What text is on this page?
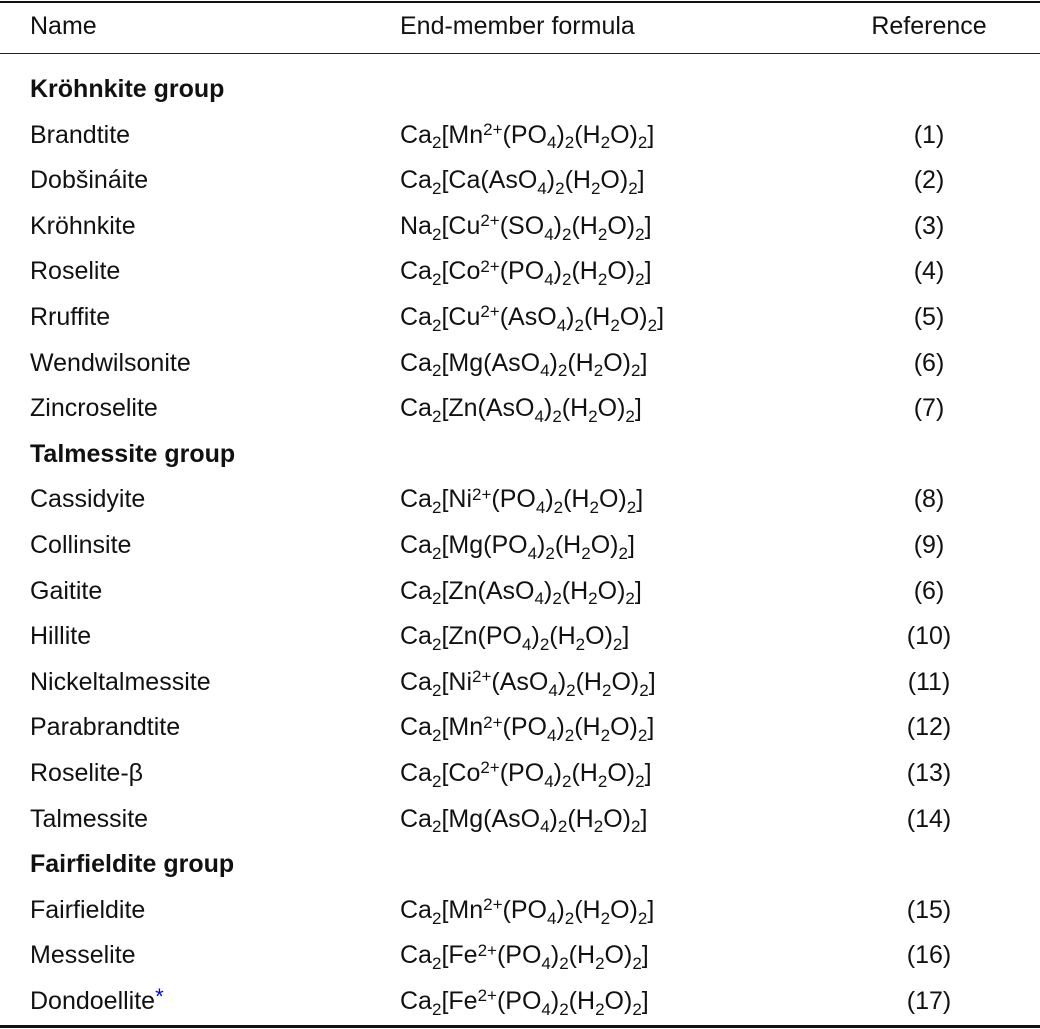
Name	End-member formula	Reference
Kröhnkite group
Brandtite	$Ca_2[Mn^{2+}(PO_4)_2(H_2O)_2]$	(1)
Dobšináite	$Ca_2[Ca(AsO_4)_2(H_2O)_2]$	(2)
Kröhnkite	$Na_2[Cu^{2+}(SO_4)_2(H_2O)_2]$	(3)
Roselite	$Ca_2[Co^{2+}(PO_4)_2(H_2O)_2]$	(4)
Rruffite	$Ca_2[Cu^{2+}(AsO_4)_2(H_2O)_2]$	(5)
Wendwilsonite	$Ca_2[Mg(AsO_4)_2(H_2O)_2]$	(6)
Zincroselite	$Ca_2[Zn(AsO_4)_2(H_2O)_2]$	(7)
Talmessite group
Cassidyite	$Ca_2[Ni^{2+}(PO_4)_2(H_2O)_2]$	(8)
Collinsite	$Ca_2[Mg(PO_4)_2(H_2O)_2]$	(9)
Gaitite	$Ca_2[Zn(AsO_4)_2(H_2O)_2]$	(6)
Hillite	$Ca_2[Zn(PO_4)_2(H_2O)_2]$	(10)
Nickeltalmessite	$Ca_2[Ni^{2+}(AsO_4)_2(H_2O)_2]$	(11)
Parabrandtite	$Ca_2[Mn^{2+}(PO_4)_2(H_2O)_2]$	(12)
Roselite-β	$Ca_2[Co^{2+}(PO_4)_2(H_2O)_2]$	(13)
Talmessite	$Ca_2[Mg(AsO_4)_2(H_2O)_2]$	(14)
Fairfieldite group
Fairfieldite	$Ca_2[Mn^{2+}(PO_4)_2(H_2O)_2]$	(15)
Messelite	$Ca_2[Fe^{2+}(PO_4)_2(H_2O)_2]$	(16)
Dondoellite*	$Ca_2[Fe^{2+}(PO_4)_2(H_2O)_2]$	(17)
